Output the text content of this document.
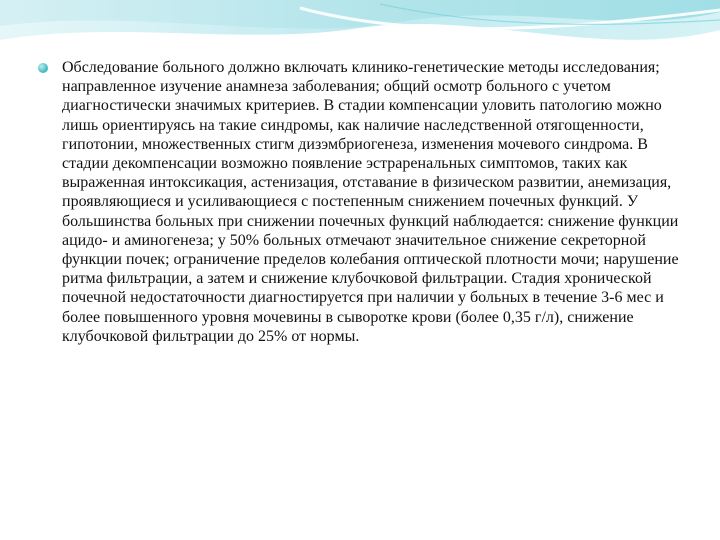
Обследование больного должно включать клинико-генетические методы исследования; направленное изучение анамнеза заболевания; общий осмотр больного с учетом диагностически значимых критериев. В стадии компенсации уловить патологию можно лишь ориентируясь на такие синдромы, как наличие наследственной отягощенности, гипотонии, множественных стигм дизэмбриогенеза, изменения мочевого синдрома. В стадии декомпенсации возможно появление эстраренальных симптомов, таких как выраженная интоксикация, астенизация, отставание в физическом развитии, анемизация, проявляющиеся и усиливающиеся с постепенным снижением почечных функций. У большинства больных при снижении почечных функций наблюдается: снижение функции ацидо- и аминогенеза; у 50% больных отмечают значительное снижение секреторной функции почек; ограничение пределов колебания оптической плотности мочи; нарушение ритма фильтрации, а затем и снижение клубочковой фильтрации. Стадия хронической почечной недостаточности диагностируется при наличии у больных в течение 3-6 мес и более повышенного уровня мочевины в сыворотке крови (более 0,35 г/л), снижение клубочковой фильтрации до 25% от нормы.
